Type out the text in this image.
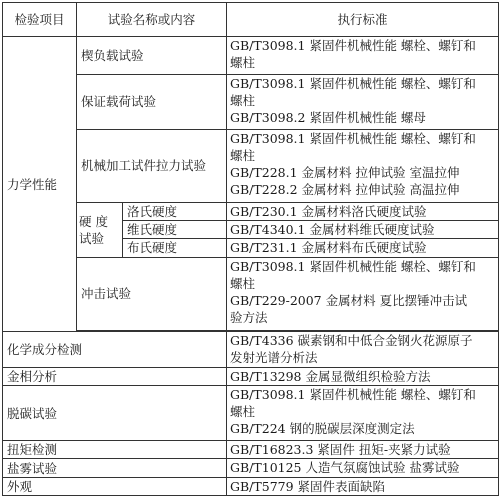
检验项目	试验名称或内容		执行标准
力学性能	楔负载试验		GB/T3098.1 紧固件机械性能 螺栓、螺钉和
螺柱

	保证载荷试验		GB/T3098.1 紧固件机械性能 螺栓、螺钉和
螺柱
GB/T3098.2 紧固件机械性能 螺母

	机械加工试件拉力试验		GB/T3098.1 紧固件机械性能 螺栓、螺钉和
螺柱
GB/T228.1 金属材料 拉伸试验 室温拉伸
GB/T228.2 金属材料 拉伸试验 高温拉伸

	硬 度 试验	洛氏硬度	GB/T230.1 金属材料洛氏硬度试验
		维氏硬度	GB/T4340.1 金属材料维氏硬度试验
		布氏硬度	GB/T231.1 金属材料布氏硬度试验
	冲击试验		GB/T3098.1 紧固件机械性能 螺栓、螺钉和
螺柱
GB/T229-2007 金属材料 夏比摆锤冲击试
验方法

化学成分检测			GB/T4336 碳素钢和中低合金钢火花源原子
发射光谱分析法

金相分析			GB/T13298 金属显微组织检验方法
脱碳试验			GB/T3098.1 紧固件机械性能 螺栓、螺钉和
螺柱
GB/T224 钢的脱碳层深度测定法

扭矩检测			GB/T16823.3 紧固件 扭矩-夹紧力试验
盐雾试验			GB/T10125 人造气氛腐蚀试验 盐雾试验
外观			GB/T5779 紧固件表面缺陷
